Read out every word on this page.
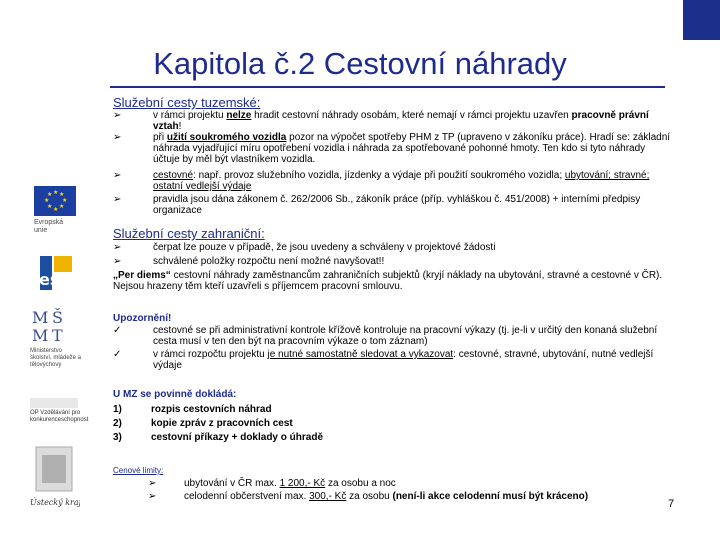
Kapitola č.2 Cestovní náhrady
★ ★
★
★
★
★
★
★
Evropská unie
esf
M Š
M T
Ministerstvo školství, mládeže a tělovýchovy
OP Vzdělávání pro konkurenceschopnost
Ústecký kraj
Služební cesty tuzemské:
➢	v rámci projektu nelze hradit cestovní náhrady osobám, které nemají v rámci projektu uzavřen pracovně právní vztah!
➢	při užití soukromého vozidla pozor na výpočet spotřeby PHM z TP (upraveno v zákoníku práce). Hradí se: základní náhrada vyjadřující míru opotřebení vozidla i náhrada za spotřebované pohonné hmoty. Ten kdo si tyto náhrady účtuje by měl být vlastníkem vozidla.
➢	cestovné: např. provoz služebního vozidla, jízdenky a výdaje při použití soukromého vozidla; ubytování; stravné; ostatní vedlejší výdaje
➢	pravidla jsou dána zákonem č. 262/2006 Sb., zákoník práce (příp. vyhláškou č. 451/2008) + interními předpisy organizace
Služební cesty zahraniční:
➢	čerpat lze pouze v případě, že jsou uvedeny a schváleny v projektové žádosti
➢	schválené položky rozpočtu není možné navyšovat!!
„Per diems“ cestovní náhrady zaměstnancům zahraničních subjektů (kryjí náklady na ubytování, stravné a cestovné v ČR). Nejsou hrazeny těm kteří uzavřeli s příjemcem pracovní smlouvu.
Upozornění!
✓	cestovné se při administrativní kontrole křížově kontroluje na pracovní výkazy (tj. je-li v určitý den konaná služební cesta musí v ten den být na pracovním výkaze o tom záznam)
✓	v rámci rozpočtu projektu je nutné samostatně sledovat a vykazovat: cestovné, stravné, ubytování, nutné vedlejší výdaje
U MZ se povinně dokládá:
1)	rozpis cestovních náhrad
2)	kopie zpráv z pracovních cest
3)	cestovní příkazy + doklady o úhradě
Cenové limity:
➢	ubytování v ČR max. 1 200,- Kč za osobu a noc
➢	celodenní občerstvení max. 300,- Kč za osobu (není-li akce celodenní musí být kráceno)
7
